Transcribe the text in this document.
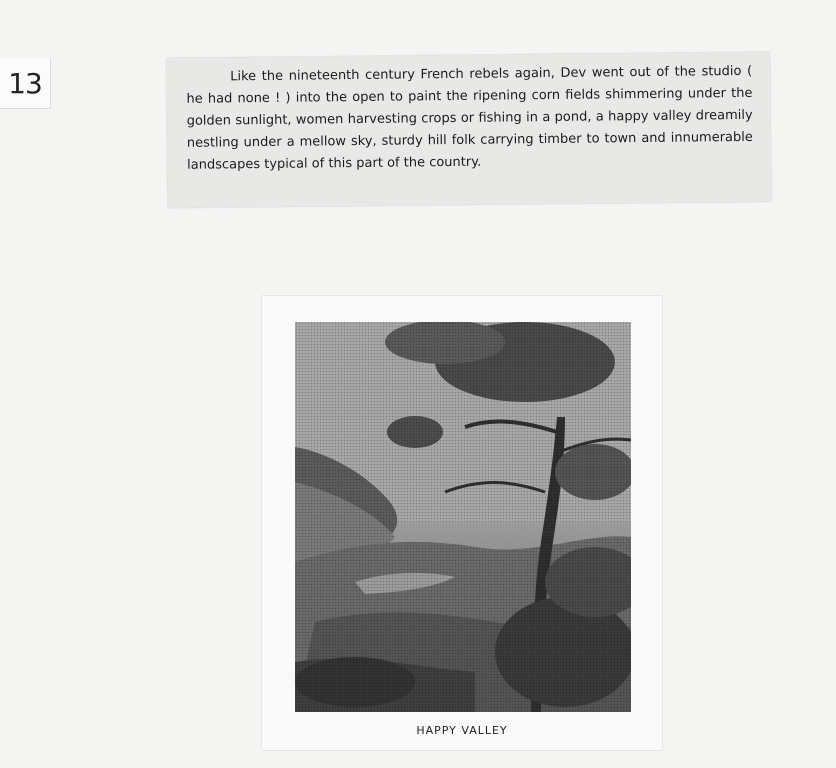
13	Like the nineteenth century French rebels again, Dev went out of the studio ( he had none ! ) into the open to paint the ripening corn fields shimmering under the golden sunlight, women harvesting crops or fishing in a pond, a happy valley dreamily nestling under a mellow sky, sturdy hill folk carrying timber to town and innumerable landscapes typical of this part of the country.

HAPPY VALLEY
